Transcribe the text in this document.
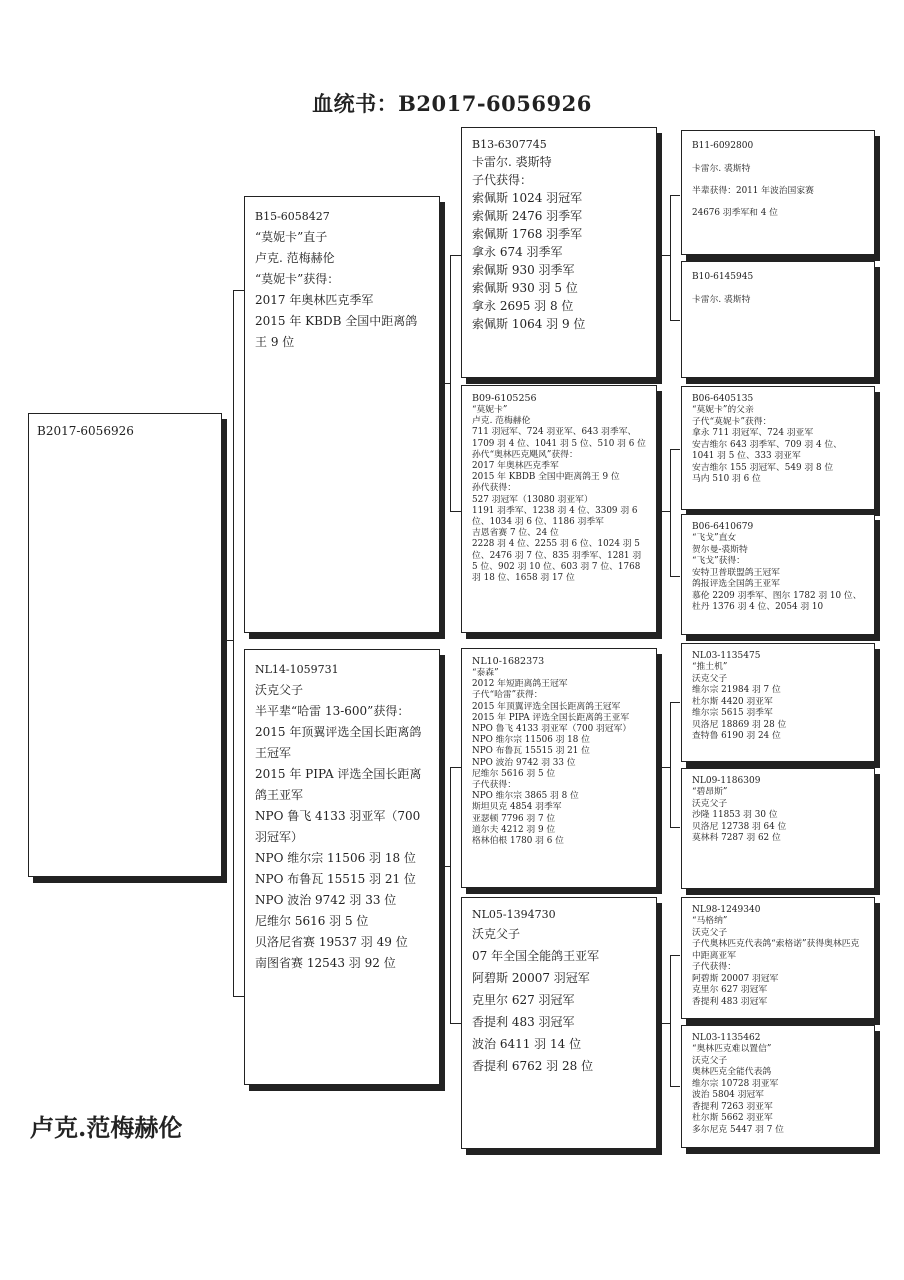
血统书：B2017-6056926
B2017-6056926
B15-6058427
“莫妮卡”直子
卢克. 范梅赫伦
“莫妮卡”获得：
2017 年奥林匹克季军
2015 年 KBDB 全国中距离鸽王 9 位
NL14-1059731
沃克父子
半平辈“哈雷 13-600”获得：
2015 年顶翼评选全国长距离鸽王冠军
2015 年 PIPA 评选全国长距离鸽王亚军
NPO 鲁飞 4133 羽亚军（700 羽冠军）
NPO 维尔宗 11506 羽 18 位
NPO 布鲁瓦 15515 羽 21 位
NPO 波治 9742 羽 33 位
尼维尔 5616 羽 5 位
贝洛尼省赛 19537 羽 49 位
南图省赛 12543 羽 92 位
B13-6307745
卡雷尔. 裘斯特
子代获得：
索佩斯 1024 羽冠军
索佩斯 2476 羽季军
索佩斯 1768 羽季军
拿永 674 羽季军
索佩斯 930 羽季军
索佩斯 930 羽 5 位
拿永 2695 羽 8 位
索佩斯 1064 羽 9 位
B09-6105256
“莫妮卡”
卢克. 范梅赫伦
711 羽冠军、724 羽亚军、643 羽季军、1709 羽 4 位、1041 羽 5 位、510 羽 6 位
孙代“奥林匹克飓风”获得：
2017 年奥林匹克季军
2015 年 KBDB 全国中距离鸽王 9 位
孙代获得：
527 羽冠军（13080 羽亚军）
1191 羽季军、1238 羽 4 位、3309 羽 6 位、1034 羽 6 位、1186 羽季军
吉恩省赛 7 位、24 位
2228 羽 4 位、2255 羽 6 位、1024 羽 5 位、2476 羽 7 位、835 羽季军、1281 羽 5 位、902 羽 10 位、603 羽 7 位、1768 羽 18 位、1658 羽 17 位
NL10-1682373
“泰森”
2012 年短距离鸽王冠军
子代“哈雷”获得：
2015 年顶翼评选全国长距离鸽王冠军
2015 年 PIPA 评选全国长距离鸽王亚军
NPO 鲁飞 4133 羽亚军（700 羽冠军）
NPO 维尔宗 11506 羽 18 位
NPO 布鲁瓦 15515 羽 21 位
NPO 波治 9742 羽 33 位
尼维尔 5616 羽 5 位
子代获得：
NPO 维尔宗 3865 羽 8 位
斯坦贝克 4854 羽季军
亚瑟顿 7796 羽 7 位
道尔夫 4212 羽 9 位
格林伯根 1780 羽 6 位
NL05-1394730
沃克父子
07 年全国全能鸽王亚军
阿碧斯 20007 羽冠军
克里尔 627 羽冠军
香提利 483 羽冠军
波治 6411 羽 14 位
香提利 6762 羽 28 位
B11-6092800
卡雷尔. 裘斯特
半辈获得：2011 年波治国家赛
24676 羽季军和 4 位
B10-6145945
卡雷尔. 裘斯特
B06-6405135
“莫妮卡”的父亲
子代“莫妮卡”获得：
拿永 711 羽冠军、724 羽亚军
安吉维尔 643 羽季军、709 羽 4 位、1041 羽 5 位、333 羽亚军
安吉维尔 155 羽冠军、549 羽 8 位
马内 510 羽 6 位
B06-6410679
“飞戈”直女
贺尔曼-裘斯特
“飞戈”获得：
安特卫普联盟鸽王冠军
鸽报评选全国鸽王亚军
慕伦 2209 羽季军、图尔 1782 羽 10 位、杜丹 1376 羽 4 位、2054 羽 10
NL03-1135475
“推土机”
沃克父子
维尔宗 21984 羽 7 位
杜尔斯 4420 羽亚军
维尔宗 5615 羽季军
贝洛尼 18869 羽 28 位
查特鲁 6190 羽 24 位
NL09-1186309
“碧昂斯”
沃克父子
沙隆 11853 羽 30 位
贝洛尼 12738 羽 64 位
莫林科 7287 羽 62 位
NL98-1249340
“马格纳”
沃克父子
子代奥林匹克代表鸽“索格诺”获得奥林匹克中距离亚军
子代获得：
阿碧斯 20007 羽冠军
克里尔 627 羽冠军
香提利 483 羽冠军
NL03-1135462
“奥林匹克难以置信”
沃克父子
奥林匹克全能代表鸽
维尔宗 10728 羽亚军
波治 5804 羽冠军
香提利 7263 羽亚军
杜尔斯 5662 羽亚军
多尔尼克 5447 羽 7 位
卢克.范梅赫伦
